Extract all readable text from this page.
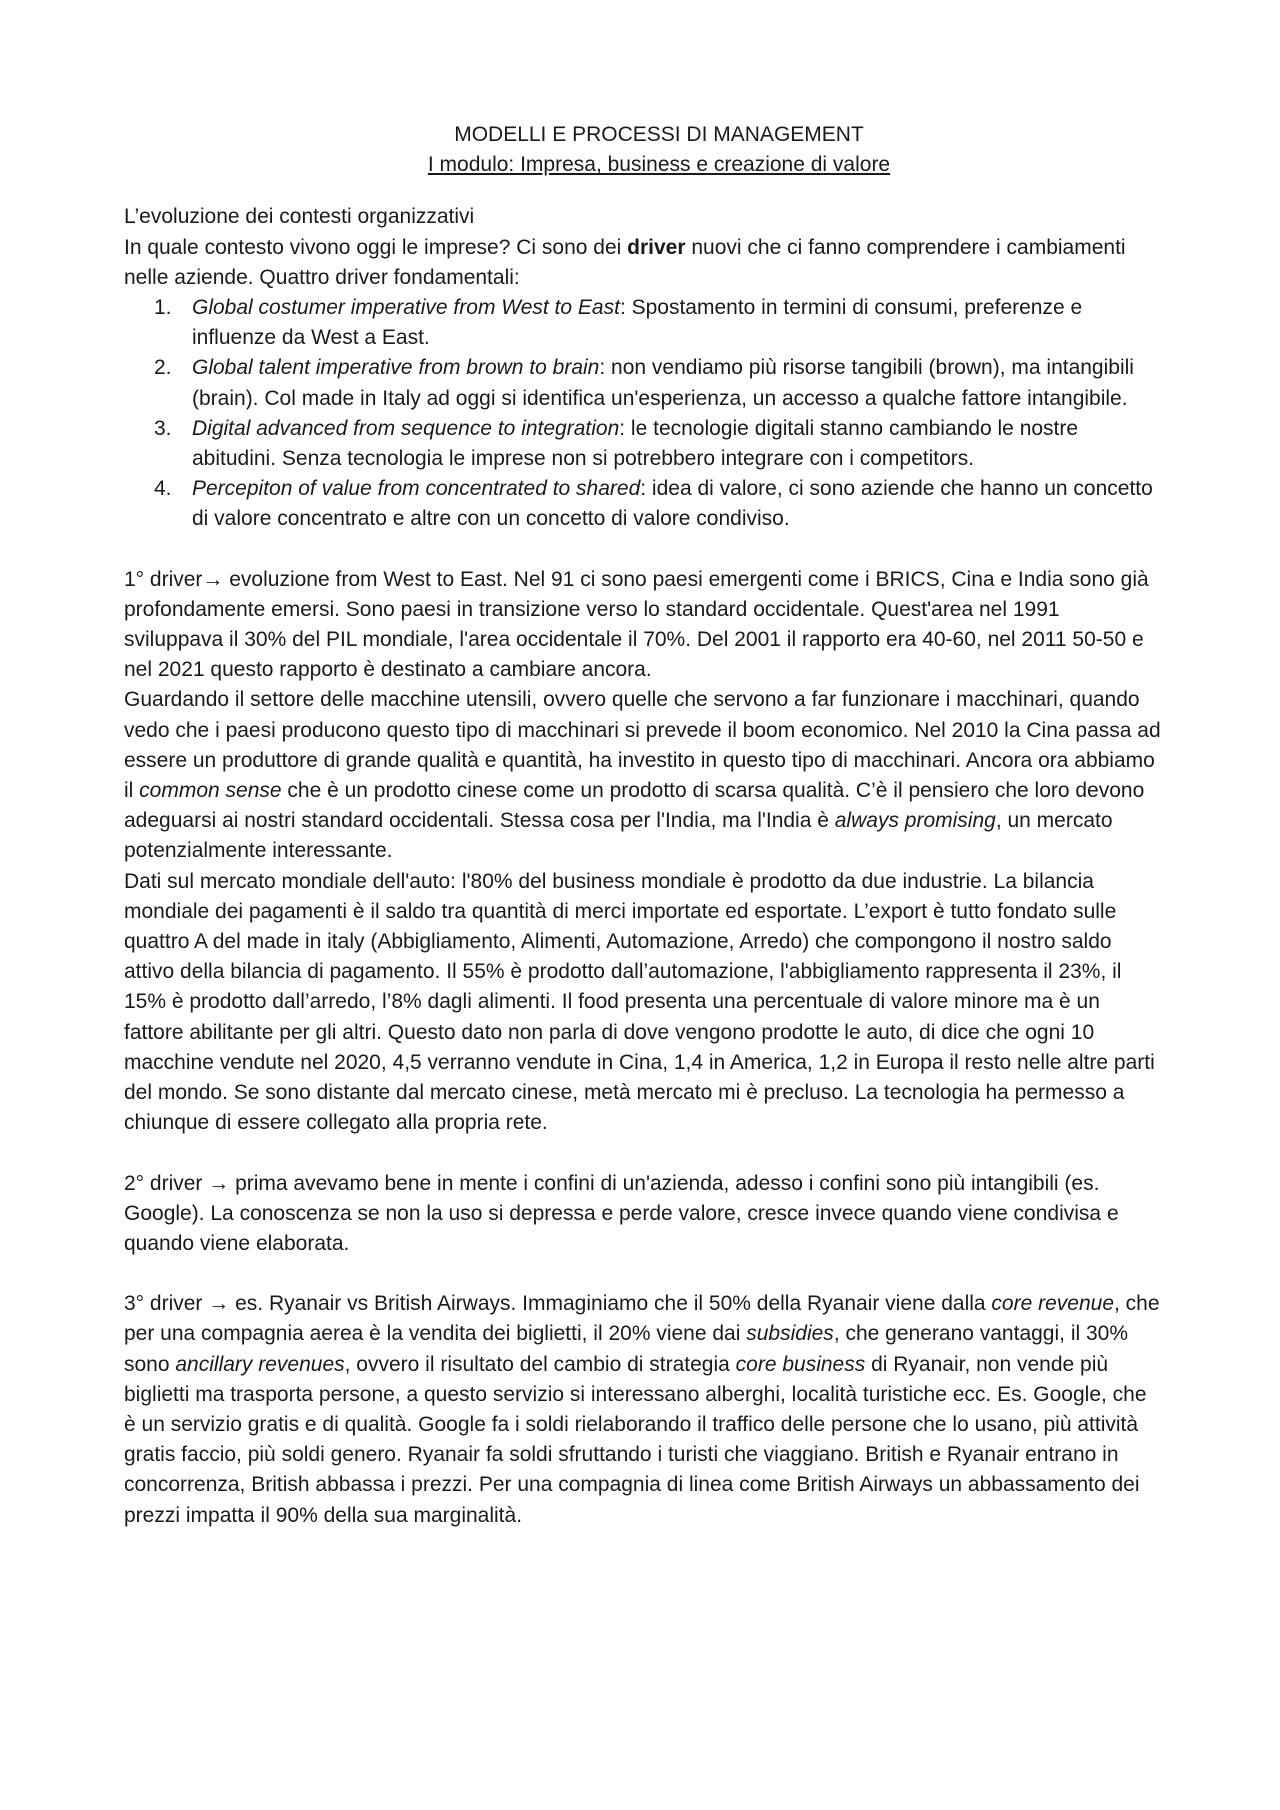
MODELLI E PROCESSI DI MANAGEMENT
I modulo: Impresa, business e creazione di valore

L’evoluzione dei contesti organizzativi

In quale contesto vivono oggi le imprese? Ci sono dei driver nuovi che ci fanno comprendere i cambiamenti nelle aziende. Quattro driver fondamentali:

1. Global costumer imperative from West to East: Spostamento in termini di consumi, preferenze e influenze da West a East.
2. Global talent imperative from brown to brain: non vendiamo più risorse tangibili (brown), ma intangibili (brain). Col made in Italy ad oggi si identifica un'esperienza, un accesso a qualche fattore intangibile.
3. Digital advanced from sequence to integration: le tecnologie digitali stanno cambiando le nostre abitudini. Senza tecnologia le imprese non si potrebbero integrare con i competitors.
4. Percepiton of value from concentrated to shared: idea di valore, ci sono aziende che hanno un concetto di valore concentrato e altre con un concetto di valore condiviso.

1° driver→ evoluzione from West to East. Nel 91 ci sono paesi emergenti come i BRICS, Cina e India sono già profondamente emersi. Sono paesi in transizione verso lo standard occidentale. Quest'area nel 1991 sviluppava il 30% del PIL mondiale, l'area occidentale il 70%. Del 2001 il rapporto era 40-60, nel 2011 50-50 e nel 2021 questo rapporto è destinato a cambiare ancora.

Guardando il settore delle macchine utensili, ovvero quelle che servono a far funzionare i macchinari, quando vedo che i paesi producono questo tipo di macchinari si prevede il boom economico. Nel 2010 la Cina passa ad essere un produttore di grande qualità e quantità, ha investito in questo tipo di macchinari. Ancora ora abbiamo il common sense che è un prodotto cinese come un prodotto di scarsa qualità. C’è il pensiero che loro devono adeguarsi ai nostri standard occidentali. Stessa cosa per l'India, ma l'India è always promising, un mercato potenzialmente interessante.

Dati sul mercato mondiale dell'auto: l'80% del business mondiale è prodotto da due industrie. La bilancia mondiale dei pagamenti è il saldo tra quantità di merci importate ed esportate. L’export è tutto fondato sulle quattro A del made in italy (Abbigliamento, Alimenti, Automazione, Arredo) che compongono il nostro saldo attivo della bilancia di pagamento. Il 55% è prodotto dall’automazione, l'abbigliamento rappresenta il 23%, il 15% è prodotto dall’arredo, l’8% dagli alimenti. Il food presenta una percentuale di valore minore ma è un fattore abilitante per gli altri. Questo dato non parla di dove vengono prodotte le auto, di dice che ogni 10 macchine vendute nel 2020, 4,5 verranno vendute in Cina, 1,4 in America, 1,2 in Europa il resto nelle altre parti del mondo. Se sono distante dal mercato cinese, metà mercato mi è precluso. La tecnologia ha permesso a chiunque di essere collegato alla propria rete.

2° driver → prima avevamo bene in mente i confini di un'azienda, adesso i confini sono più intangibili (es. Google). La conoscenza se non la uso si depressa e perde valore, cresce invece quando viene condivisa e quando viene elaborata.

3° driver → es. Ryanair vs British Airways. Immaginiamo che il 50% della Ryanair viene dalla core revenue, che per una compagnia aerea è la vendita dei biglietti, il 20% viene dai subsidies, che generano vantaggi, il 30% sono ancillary revenues, ovvero il risultato del cambio di strategia core business di Ryanair, non vende più biglietti ma trasporta persone, a questo servizio si interessano alberghi, località turistiche ecc. Es. Google, che è un servizio gratis e di qualità. Google fa i soldi rielaborando il traffico delle persone che lo usano, più attività gratis faccio, più soldi genero. Ryanair fa soldi sfruttando i turisti che viaggiano. British e Ryanair entrano in concorrenza, British abbassa i prezzi. Per una compagnia di linea come British Airways un abbassamento dei prezzi impatta il 90% della sua marginalità.
